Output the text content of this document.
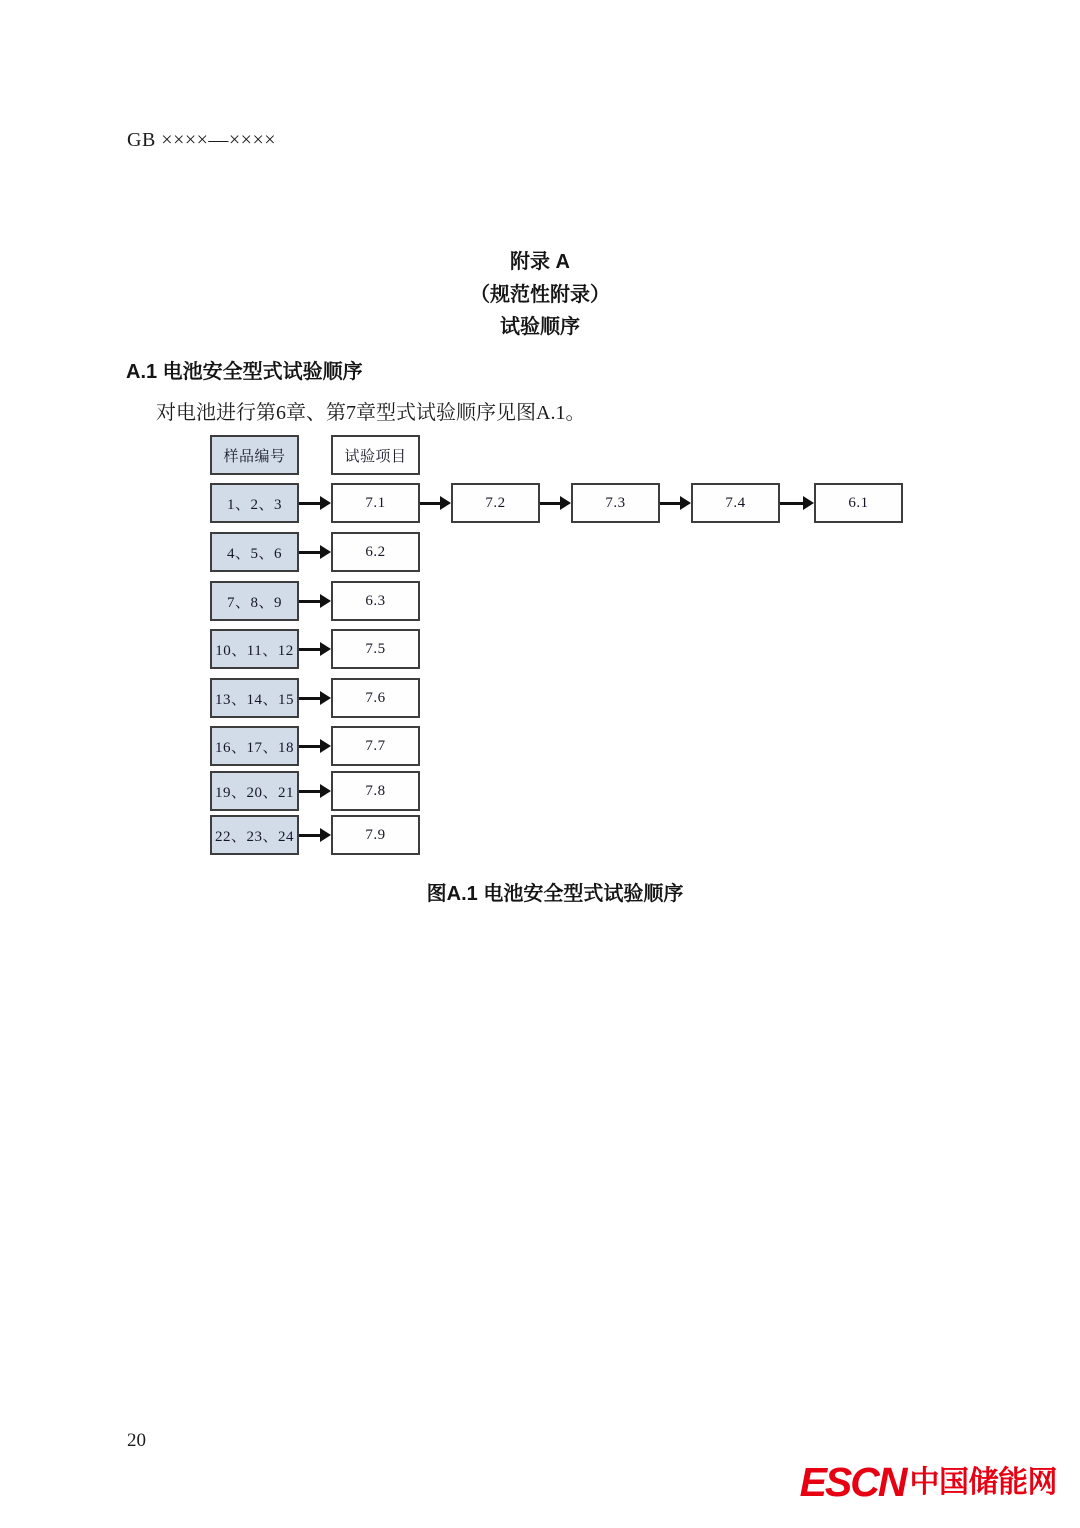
GB ××××—××××
附录 A
（规范性附录）
试验顺序
A.1 电池安全型式试验顺序
对电池进行第6章、第7章型式试验顺序见图A.1。
样品编号	试验项目
1、2、3	7.1	7.2	7.3	7.4	6.1
4、5、6	6.2
7、8、9	6.3
10、11、12	7.5
13、14、15	7.6
16、17、18	7.7
19、20、21	7.8
22、23、24	7.9
图A.1 电池安全型式试验顺序
20
ESCN 中国储能网
